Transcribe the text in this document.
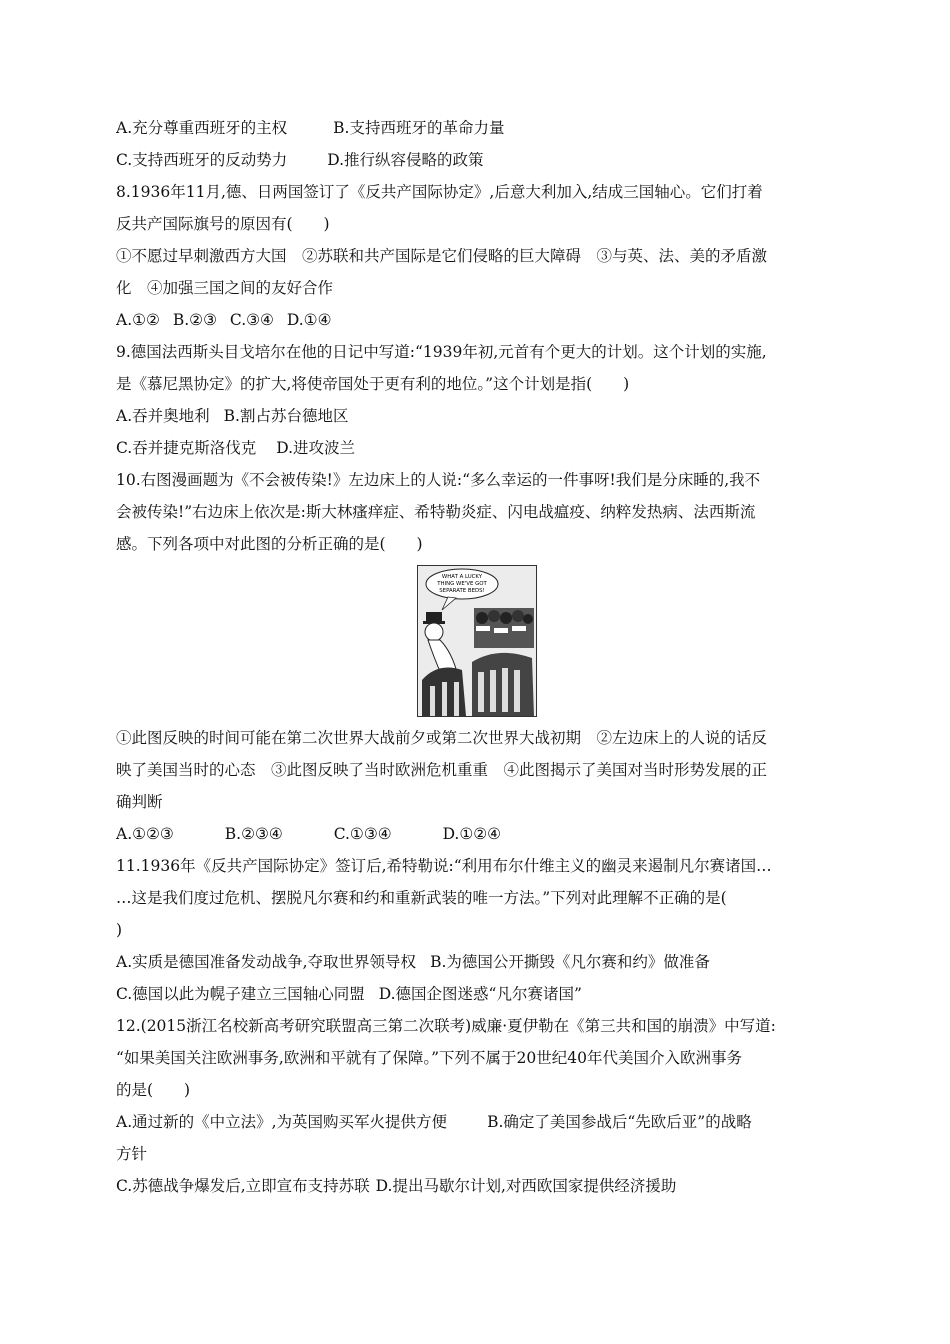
A.充分尊重西班牙的主权	B.支持西班牙的革命力量
C.支持西班牙的反动势力	D.推行纵容侵略的政策
8.1936年11月,德、日两国签订了《反共产国际协定》,后意大利加入,结成三国轴心。它们打着
反共产国际旗号的原因有(　　)
①不愿过早刺激西方大国　②苏联和共产国际是它们侵略的巨大障碍　③与英、法、美的矛盾激
化　④加强三国之间的友好合作
A.①② B.②③ C.③④ D.①④
9.德国法西斯头目戈培尔在他的日记中写道:“1939年初,元首有个更大的计划。这个计划的实施,
是《慕尼黑协定》的扩大,将使帝国处于更有利的地位。”这个计划是指(　　)
A.吞并奥地利 B.割占苏台德地区
C.吞并捷克斯洛伐克 D.进攻波兰
10.右图漫画题为《不会被传染!》左边床上的人说:“多么幸运的一件事呀!我们是分床睡的,我不
会被传染!”右边床上依次是:斯大林瘙痒症、希特勒炎症、闪电战瘟疫、纳粹发热病、法西斯流
感。下列各项中对此图的分析正确的是(　　)
WHAT A LUCKY
THING WE'VE GOT
SEPARATE BEDS!
①此图反映的时间可能在第二次世界大战前夕或第二次世界大战初期　②左边床上的人说的话反
映了美国当时的心态　③此图反映了当时欧洲危机重重　④此图揭示了美国对当时形势发展的正
确判断
A.①②③	B.②③④	C.①③④	D.①②④
11.1936年《反共产国际协定》签订后,希特勒说:“利用布尔什维主义的幽灵来遏制凡尔赛诸国…
…这是我们度过危机、摆脱凡尔赛和约和重新武装的唯一方法。”下列对此理解不正确的是(
)
A.实质是德国准备发动战争,夺取世界领导权 B.为德国公开撕毁《凡尔赛和约》做准备
C.德国以此为幌子建立三国轴心同盟 D.德国企图迷惑“凡尔赛诸国”
12.(2015浙江名校新高考研究联盟高三第二次联考)威廉·夏伊勒在《第三共和国的崩溃》中写道:
“如果美国关注欧洲事务,欧洲和平就有了保障。”下列不属于20世纪40年代美国介入欧洲事务
的是(　　)
A.通过新的《中立法》,为英国购买军火提供方便	B.确定了美国参战后“先欧后亚”的战略
方针
C.苏德战争爆发后,立即宣布支持苏联 D.提出马歇尔计划,对西欧国家提供经济援助
